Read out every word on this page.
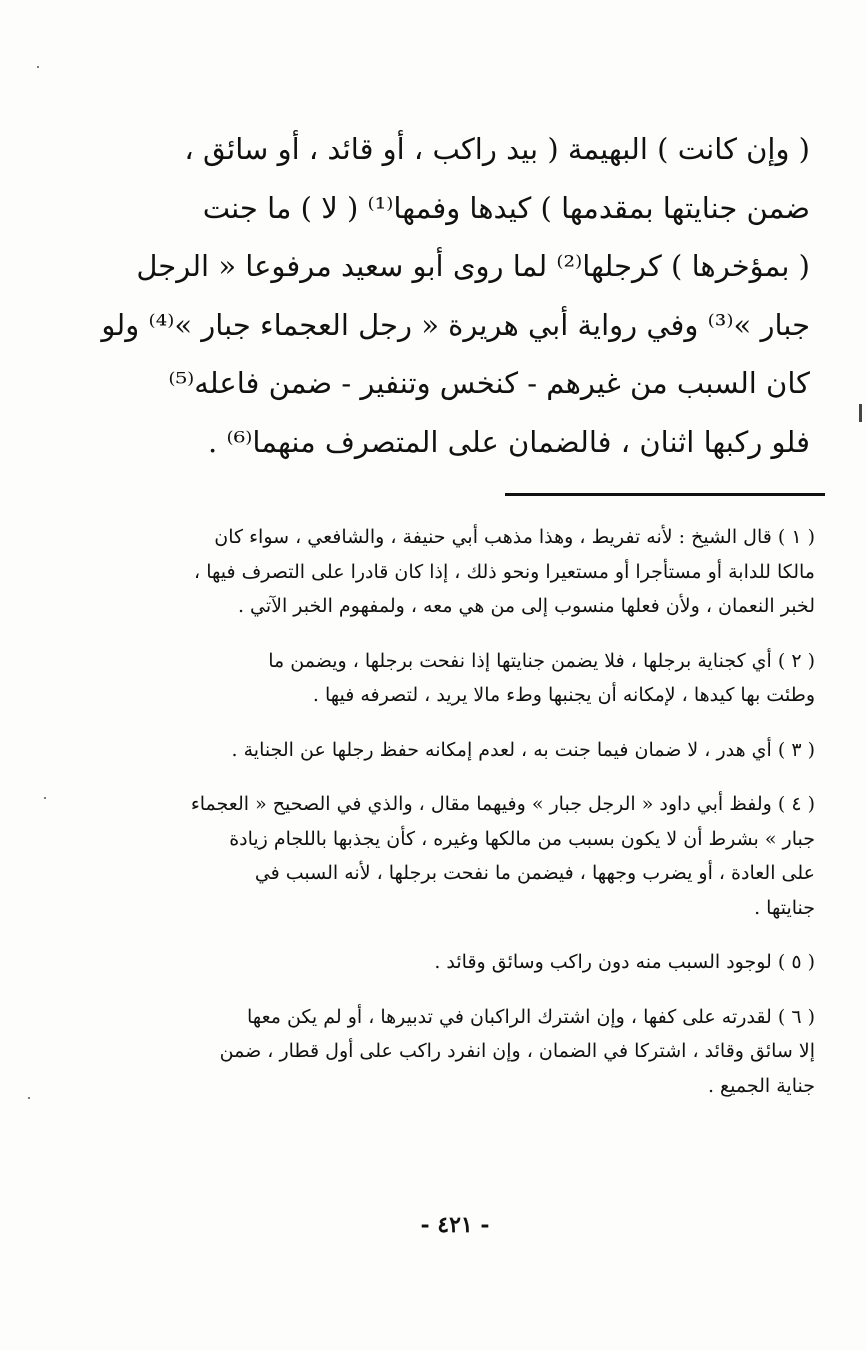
( وإن كانت ) البهيمة ( بيد راكب ، أو قائد ، أو سائق ،
ضمن جنايتها بمقدمها ) كيدها وفمها⁽¹⁾ ( لا ) ما جنت
( بمؤخرها ) كرجلها⁽²⁾ لما روى أبو سعيد مرفوعا « الرجل
جبار »⁽³⁾ وفي رواية أبي هريرة « رجل العجماء جبار »⁽⁴⁾ ولو
كان السبب من غيرهم - كنخس وتنفير - ضمن فاعله⁽⁵⁾
فلو ركبها اثنان ، فالضمان على المتصرف منهما⁽⁶⁾ .
( ١ ) قال الشيخ : لأنه تفريط ، وهذا مذهب أبي حنيفة ، والشافعي ، سواء كان
مالكا للدابة أو مستأجرا أو مستعيرا ونحو ذلك ، إذا كان قادرا على التصرف فيها ،
لخبر النعمان ، ولأن فعلها منسوب إلى من هي معه ، ولمفهوم الخبر الآتي .
( ٢ ) أي كجناية برجلها ، فلا يضمن جنايتها إذا نفحت برجلها ، ويضمن ما
وطئت بها كيدها ، لإمكانه أن يجنبها وطء مالا يريد ، لتصرفه فيها .
( ٣ ) أي هدر ، لا ضمان فيما جنت به ، لعدم إمكانه حفظ رجلها عن الجناية .
( ٤ ) ولفظ أبي داود « الرجل جبار » وفيهما مقال ، والذي في الصحيح « العجماء
جبار » بشرط أن لا يكون بسبب من مالكها وغيره ، كأن يجذبها باللجام زيادة
على العادة ، أو يضرب وجهها ، فيضمن ما نفحت برجلها ، لأنه السبب في
جنايتها .
( ٥ ) لوجود السبب منه دون راكب وسائق وقائد .
( ٦ ) لقدرته على كفها ، وإن اشترك الراكبان في تدبيرها ، أو لم يكن معها
إلا سائق وقائد ، اشتركا في الضمان ، وإن انفرد راكب على أول قطار ، ضمن
جناية الجميع .
- ٤٢١ -
